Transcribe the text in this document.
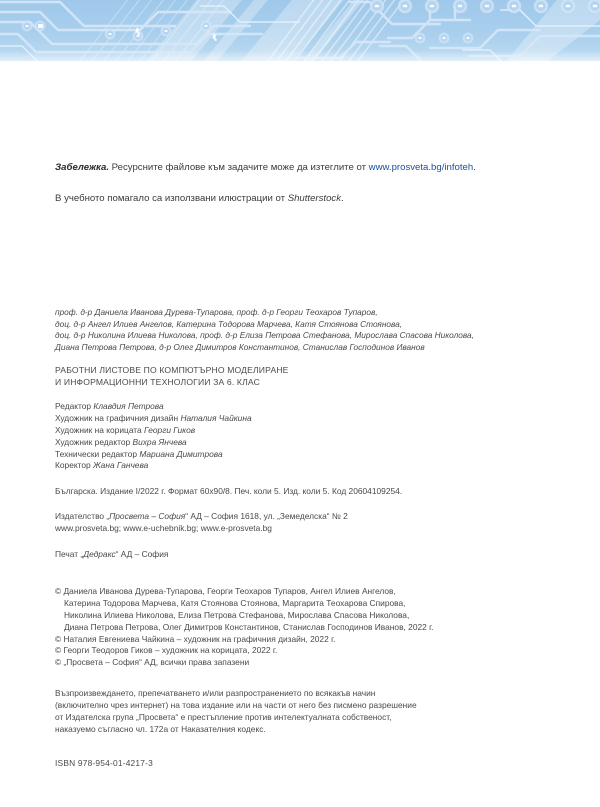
Забележка. Ресурсните файлове към задачите може да изтеглите от www.prosveta.bg/infoteh.
В учебното помагало са използвани илюстрации от Shutterstock.
проф. д-р Даниела Иванова Дурева-Тупарова, проф. д-р Георги Теохаров Тупаров,
доц. д-р Ангел Илиев Ангелов, Катерина Тодорова Марчева, Катя Стоянова Стоянова,
доц. д-р Николина Илиева Николова, проф. д-р Елиза Петрова Стефанова, Мирослава Спасова Николова,
Диана Петрова Петрова, д-р Олег Димитров Константинов, Станислав Господинов Иванов
РАБОТНИ ЛИСТОВЕ ПО КОМПЮТЪРНО МОДЕЛИРАНЕ
И ИНФОРМАЦИОННИ ТЕХНОЛОГИИ ЗА 6. КЛАС
Редактор Клавдия Петрова
Художник на графичния дизайн Наталия Чайкина
Художник на корицата Георги Гиков
Художник редактор Вихра Янчева
Технически редактор Мариана Димитрова
Коректор Жана Ганчева
Българска. Издание I/2022 г. Формат 60x90/8. Печ. коли 5. Изд. коли 5. Код 20604109254.
Издателство „Просвета – София“ АД – София 1618, ул. „Земеделска“ № 2
www.prosveta.bg; www.e-uchebnik.bg; www.e-prosveta.bg
Печат „Дедракс“ АД – София
© Даниела Иванова Дурева-Тупарова, Георги Теохаров Тупаров, Ангел Илиев Ангелов,
Катерина Тодорова Марчева, Катя Стоянова Стоянова, Маргарита Теохарова Спирова,
Николина Илиева Николова, Елиза Петрова Стефанова, Мирослава Спасова Николова,
Диана Петрова Петрова, Олег Димитров Константинов, Станислав Господинов Иванов, 2022 г.
© Наталия Евгениева Чайкина – художник на графичния дизайн, 2022 г.
© Георги Теодоров Гиков – художник на корицата, 2022 г.
© „Просвета – София“ АД, всички права запазени
Възпроизвеждането, препечатването и/или разпространението по всякакъв начин
(включително чрез интернет) на това издание или на части от него без писмено разрешение
от Издателска група „Просвета“ е престъпление против интелектуалната собственост,
наказуемо съгласно чл. 172а от Наказателния кодекс.
ISBN 978-954-01-4217-3
